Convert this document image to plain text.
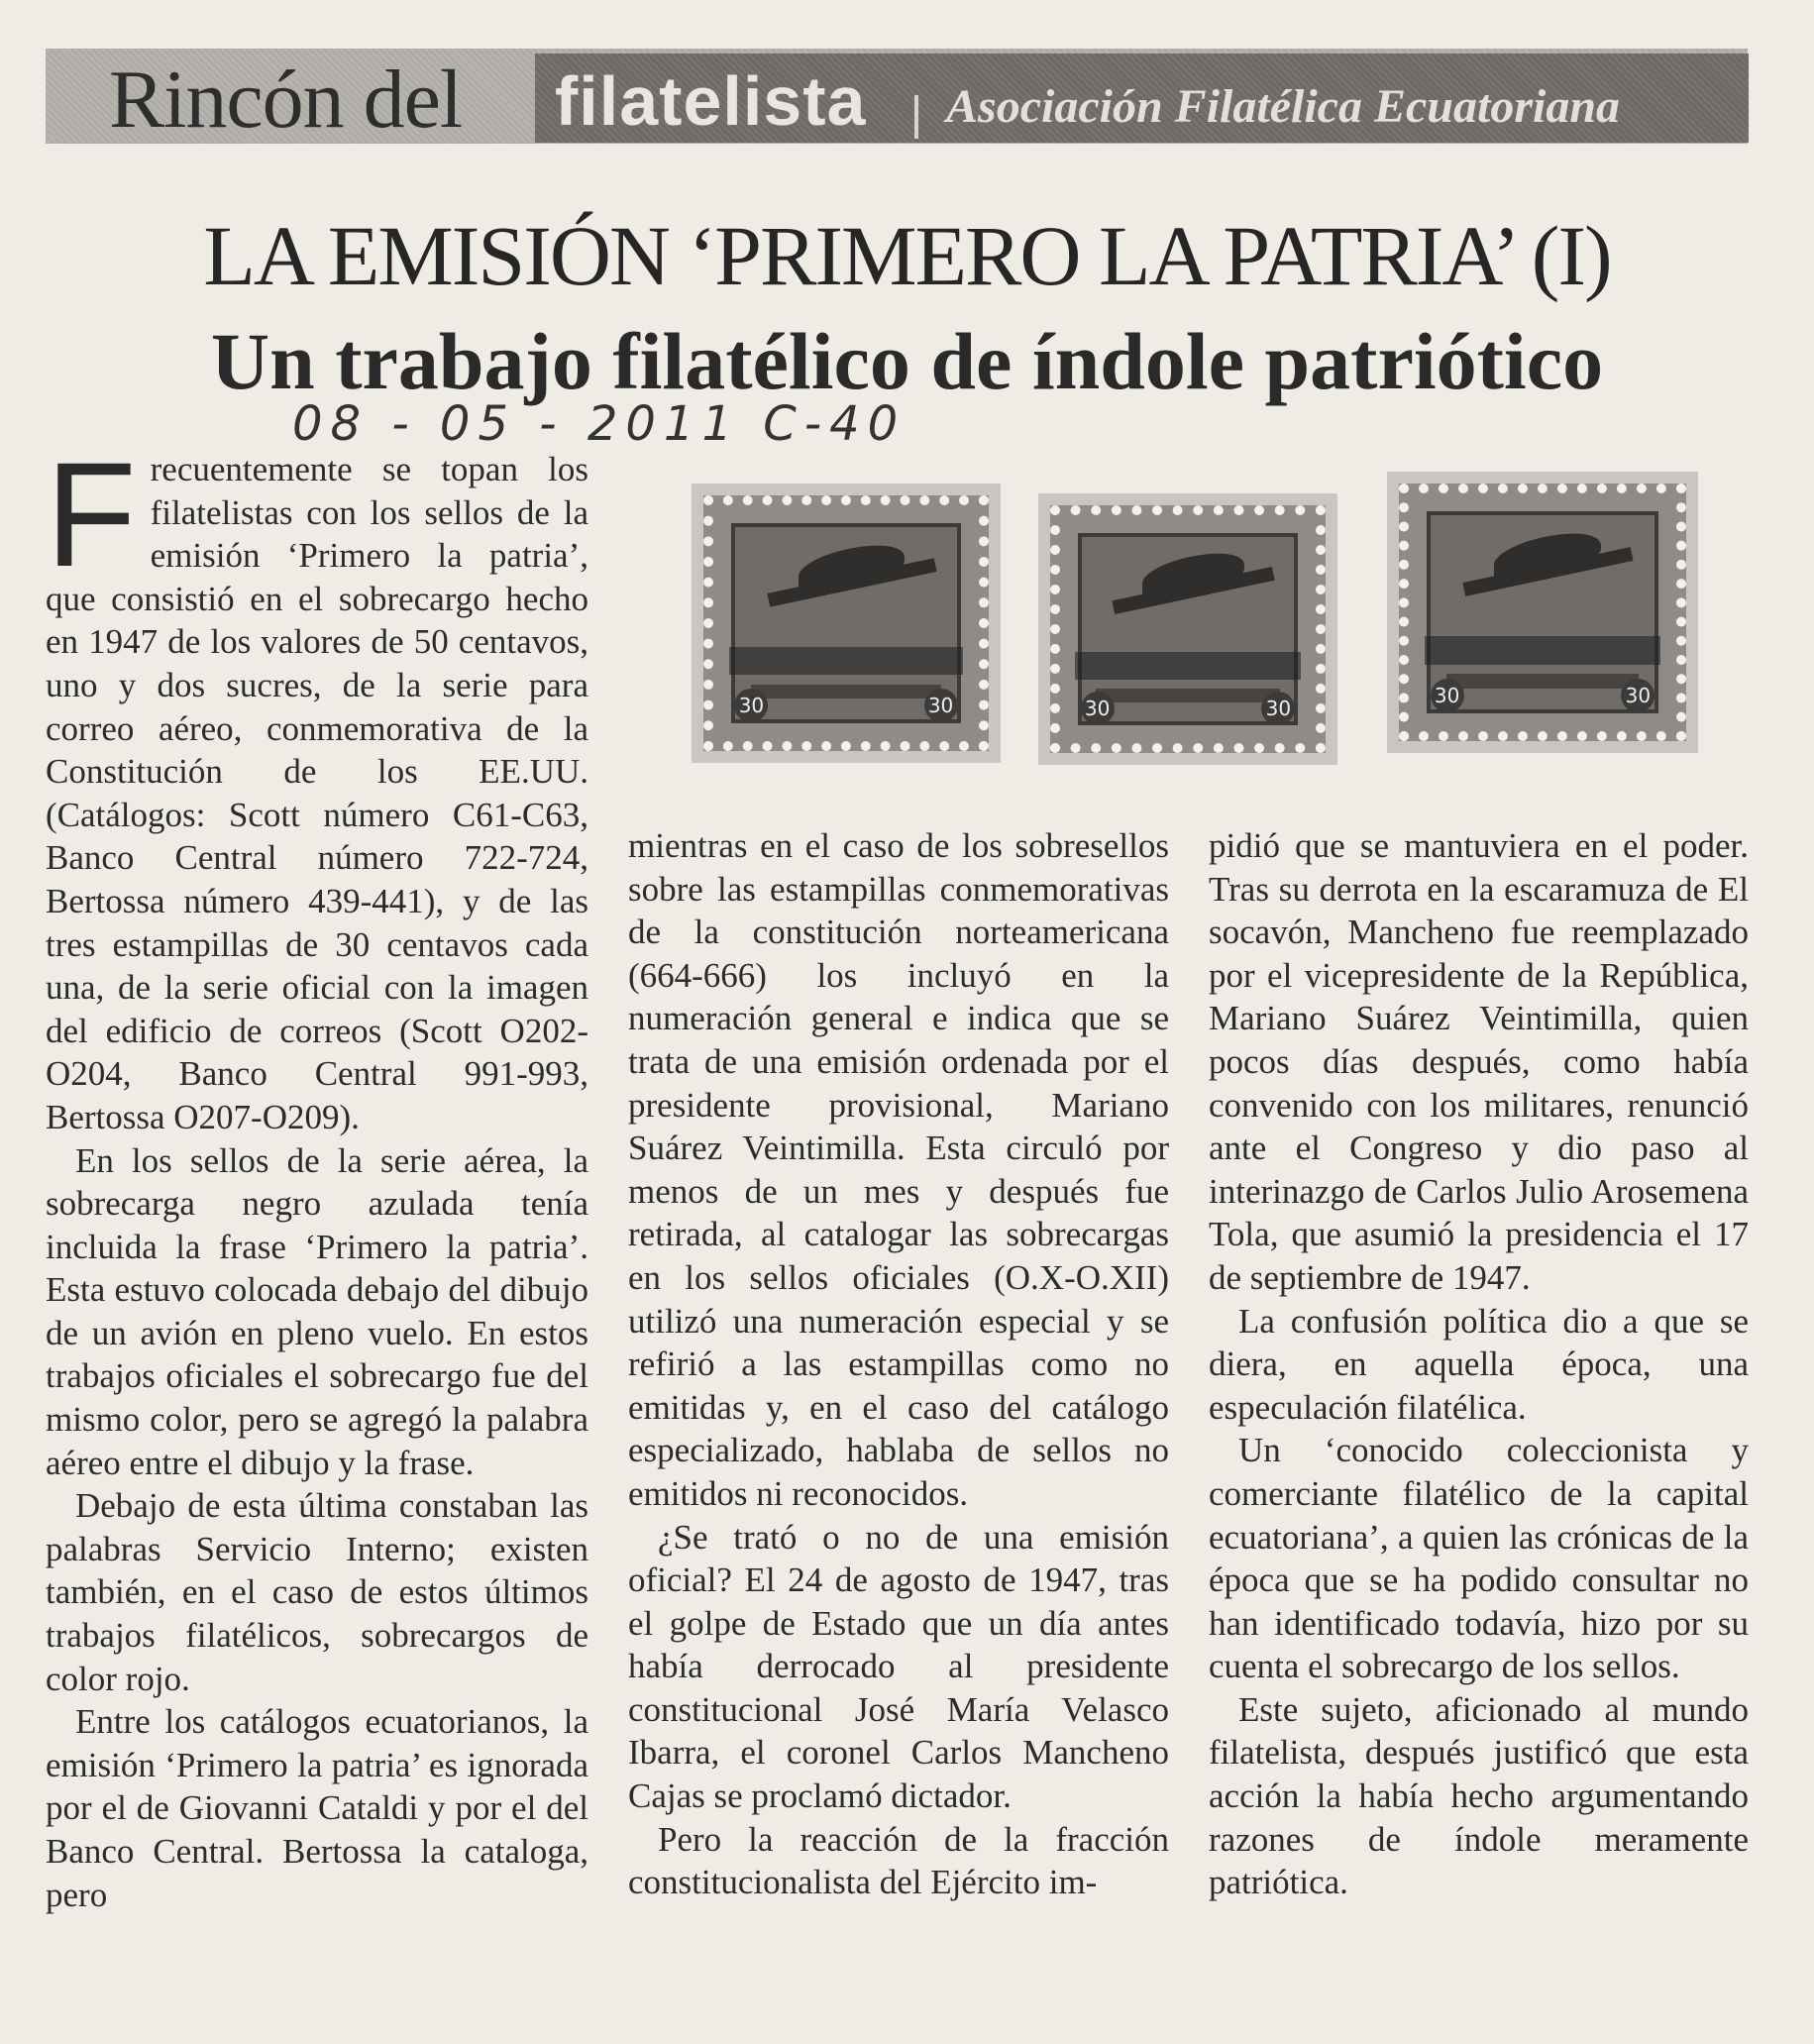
Rincón del filatelista Asociación Filatélica Ecuatoriana
LA EMISIÓN ‘PRIMERO LA PATRIA’ (I)
Un trabajo filatélico de índole patriótico
08 - 05 - 2011 C-40
30	30	30	30
30	30

Frecuentemente se topan los filatelistas con los sellos de la emisión ‘Primero la patria’, que consistió en el sobrecargo hecho en 1947 de los valores de 50 centavos, uno y dos sucres, de la serie para correo aéreo, conmemorativa de la Constitución de los EE.UU. (Catálogos: Scott número C61-C63, Banco Central número 722-724, Bertossa número 439-441), y de las tres estampillas de 30 centavos cada una, de la serie oficial con la imagen del edificio de correos (Scott O202-O204, Banco Central 991-993, Bertossa O207-O209).

En los sellos de la serie aérea, la sobrecarga negro azulada tenía incluida la frase ‘Primero la patria’. Esta estuvo colocada debajo del dibujo de un avión en pleno vuelo. En estos trabajos oficiales el sobrecargo fue del mismo color, pero se agregó la palabra aéreo entre el dibujo y la frase.

Debajo de esta última constaban las palabras Servicio Interno; existen también, en el caso de estos últimos trabajos filatélicos, sobrecargos de color rojo.

Entre los catálogos ecuatorianos, la emisión ‘Primero la patria’ es ignorada por el de Giovanni Cataldi y por el del Banco Central. Bertossa la cataloga, pero

mientras en el caso de los sobresellos sobre las estampillas conmemorativas de la constitución norteamericana (664-666) los incluyó en la numeración general e indica que se trata de una emisión ordenada por el presidente provisional, Mariano Suárez Veintimilla. Esta circuló por menos de un mes y después fue retirada, al catalogar las sobrecargas en los sellos oficiales (O.X-O.XII) utilizó una numeración especial y se refirió a las estampillas como no emitidas y, en el caso del catálogo especializado, hablaba de sellos no emitidos ni reconocidos.

¿Se trató o no de una emisión oficial? El 24 de agosto de 1947, tras el golpe de Estado que un día antes había derrocado al presidente constitucional José María Velasco Ibarra, el coronel Carlos Mancheno Cajas se proclamó dictador.

Pero la reacción de la fracción constitucionalista del Ejército im-

pidió que se mantuviera en el poder. Tras su derrota en la escaramuza de El socavón, Mancheno fue reemplazado por el vicepresidente de la República, Mariano Suárez Veintimilla, quien pocos días después, como había convenido con los militares, renunció ante el Congreso y dio paso al interinazgo de Carlos Julio Arosemena Tola, que asumió la presidencia el 17 de septiembre de 1947.

La confusión política dio a que se diera, en aquella época, una especulación filatélica.

Un ‘conocido coleccionista y comerciante filatélico de la capital ecuatoriana’, a quien las crónicas de la época que se ha podido consultar no han identificado todavía, hizo por su cuenta el sobrecargo de los sellos.

Este sujeto, aficionado al mundo filatelista, después justificó que esta acción la había hecho argumentando razones de índole meramente patriótica.
